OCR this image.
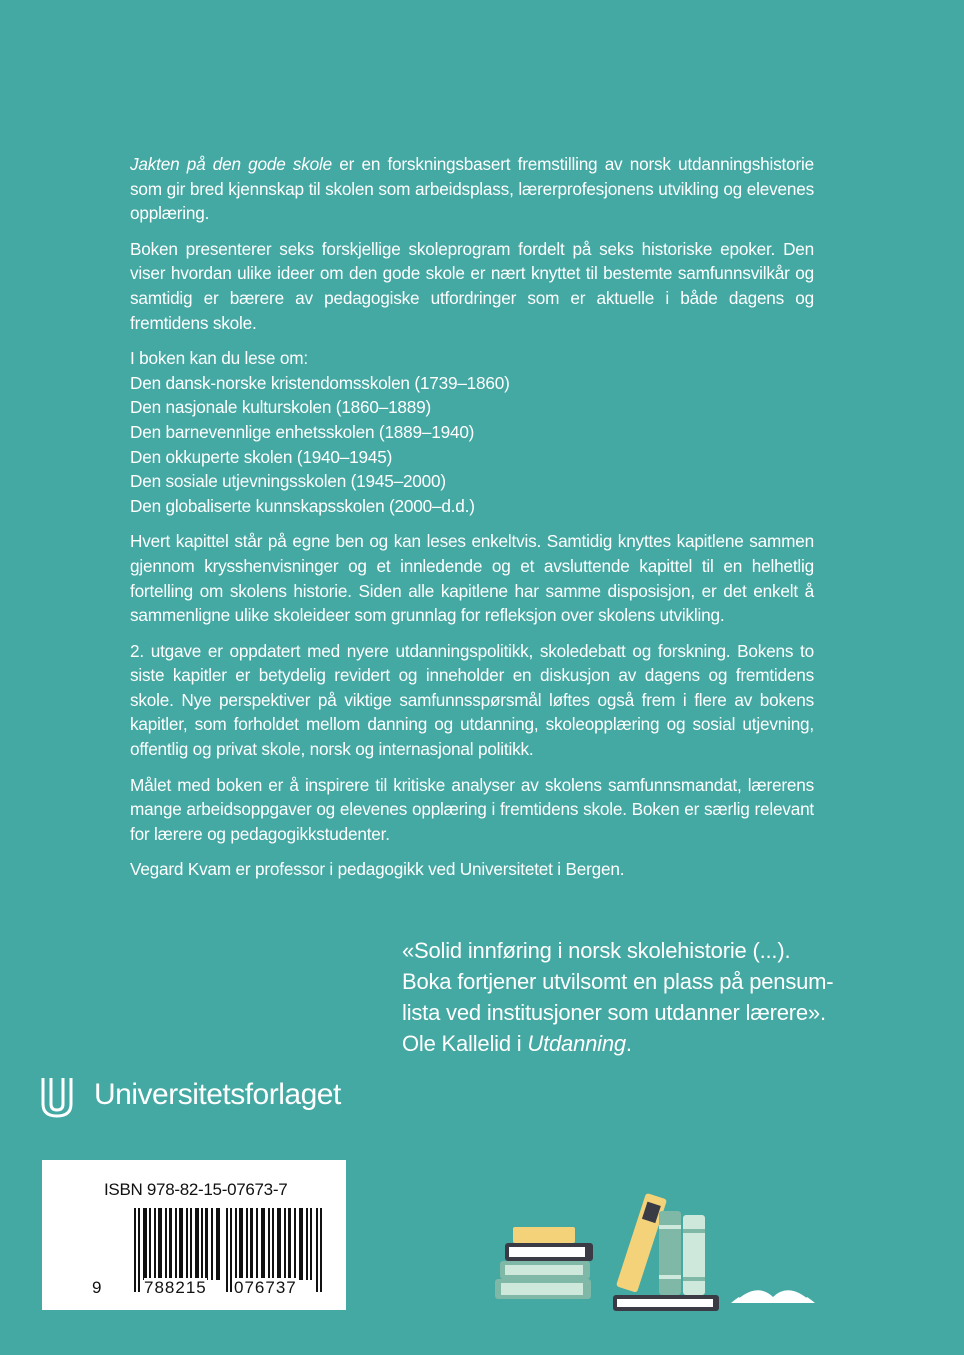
Jakten på den gode skole er en forskningsbasert fremstilling av norsk utdanningshistorie som gir bred kjennskap til skolen som arbeidsplass, lærerprofesjonens utvikling og elevenes opplæring.

Boken presenterer seks forskjellige skoleprogram fordelt på seks historiske epoker. Den viser hvordan ulike ideer om den gode skole er nært knyttet til bestemte samfunnsvilkår og samtidig er bærere av pedagogiske utfordringer som er aktuelle i både dagens og fremtidens skole.

I boken kan du lese om:
Den dansk-norske kristendomsskolen (1739–1860)
Den nasjonale kulturskolen (1860–1889)
Den barnevennlige enhetsskolen (1889–1940)
Den okkuperte skolen (1940–1945)
Den sosiale utjevningsskolen (1945–2000)
Den globaliserte kunnskapsskolen (2000–d.d.)

Hvert kapittel står på egne ben og kan leses enkeltvis. Samtidig knyttes kapitlene sammen gjennom krysshenvisninger og et innledende og et avsluttende kapittel til en helhetlig fortelling om skolens historie. Siden alle kapitlene har samme disposisjon, er det enkelt å sammenligne ulike skoleideer som grunnlag for refleksjon over skolens utvikling.

2. utgave er oppdatert med nyere utdanningspolitikk, skoledebatt og forskning. Bokens to siste kapitler er betydelig revidert og inneholder en diskusjon av dagens og fremtidens skole. Nye perspektiver på viktige samfunnsspørsmål løftes også frem i flere av bokens kapitler, som forholdet mellom danning og utdanning, skoleopplæring og sosial utjevning, offentlig og privat skole, norsk og internasjonal politikk.

Målet med boken er å inspirere til kritiske analyser av skolens samfunnsmandat, lærerens mange arbeidsoppgaver og elevenes opplæring i fremtidens skole. Boken er særlig relevant for lærere og pedagogikkstudenter.

Vegard Kvam er professor i pedagogikk ved Universitetet i Bergen.

«Solid innføring i norsk skolehistorie (...).
Boka fortjener utvilsomt en plass på pensum-
lista ved institusjoner som utdanner lærere».
Ole Kallelid i Utdanning.
Universitetsforlaget
ISBN 978-82-15-07673-7
9 788215 076737
